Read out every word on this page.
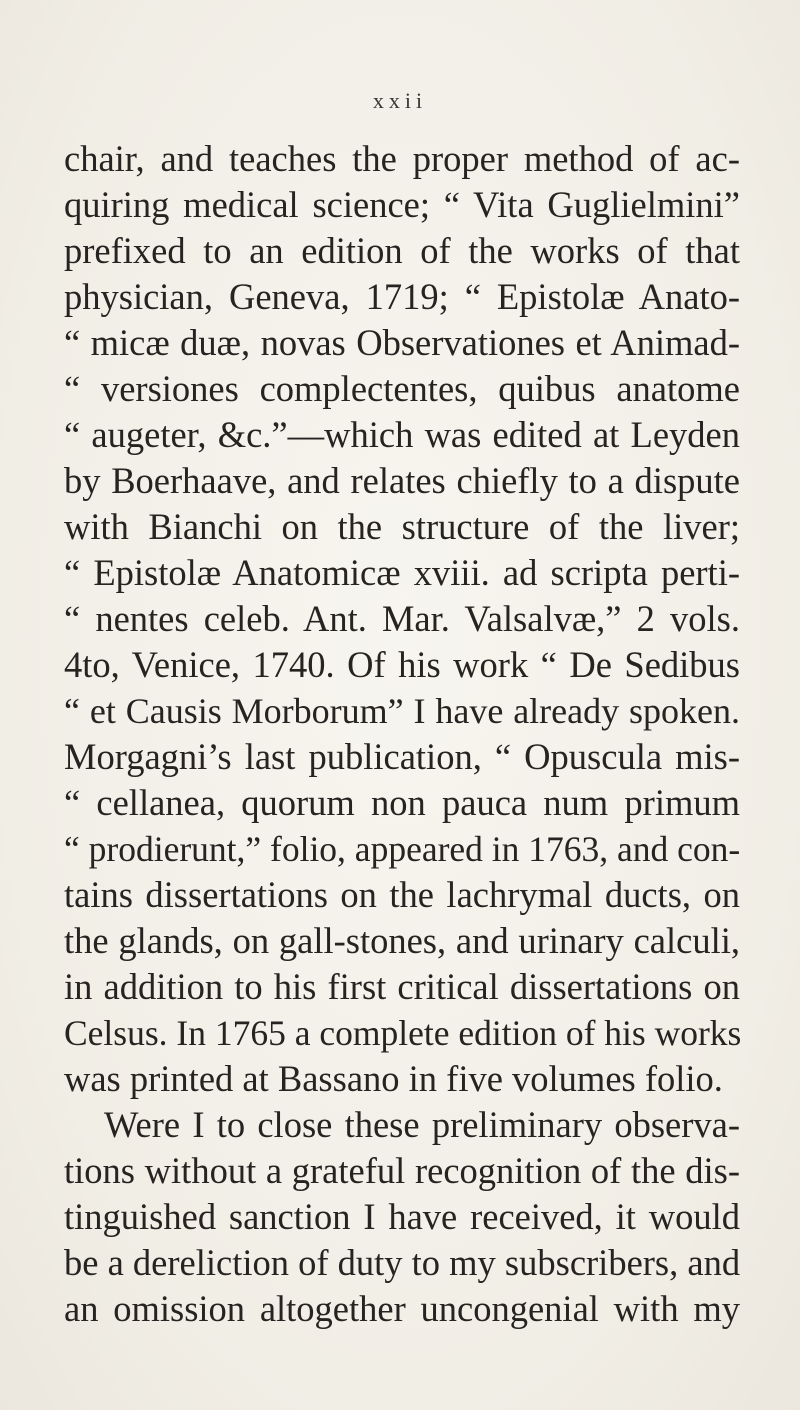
xxii
chair, and teaches the proper method of ac-
quiring medical science; “ Vita Guglielmini”
prefixed to an edition of the works of that
physician, Geneva, 1719; “ Epistolæ Anato-
“ micæ duæ, novas Observationes et Animad-
“ versiones complectentes, quibus anatome
“ augeter, &c.”—which was edited at Leyden
by Boerhaave, and relates chiefly to a dispute
with Bianchi on the structure of the liver;
“ Epistolæ Anatomicæ xviii. ad scripta perti-
“ nentes celeb. Ant. Mar. Valsalvæ,” 2 vols.
4to, Venice, 1740. Of his work “ De Sedibus
“ et Causis Morborum” I have already spoken.
Morgagni’s last publication, “ Opuscula mis-
“ cellanea, quorum non pauca num primum
“ prodierunt,” folio, appeared in 1763, and con-
tains dissertations on the lachrymal ducts, on
the glands, on gall-stones, and urinary calculi,
in addition to his first critical dissertations on
Celsus. In 1765 a complete edition of his works
was printed at Bassano in five volumes folio.
Were I to close these preliminary observa-
tions without a grateful recognition of the dis-
tinguished sanction I have received, it would
be a dereliction of duty to my subscribers, and
an omission altogether uncongenial with my
